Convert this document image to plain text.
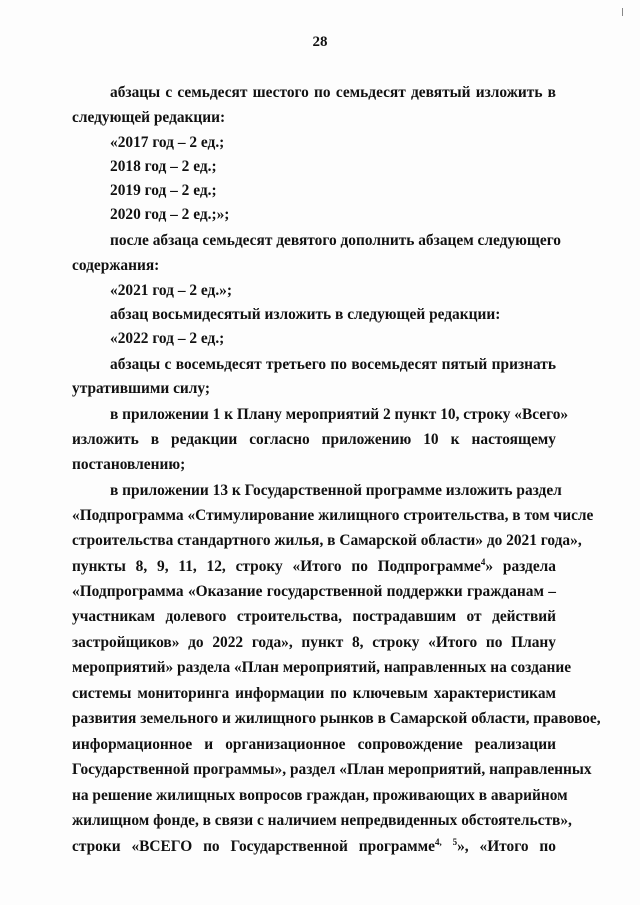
28
абзацы с семьдесят шестого по семьдесят девятый изложить в
следующей редакции:
«2017 год – 2 ед.;
2018 год – 2 ед.;
2019 год – 2 ед.;
2020 год – 2 ед.;»;
после абзаца семьдесят девятого дополнить абзацем следующего
содержания:
«2021 год – 2 ед.»;
абзац восьмидесятый изложить в следующей редакции:
«2022 год – 2 ед.;
абзацы с восемьдесят третьего по восемьдесят пятый признать
утратившими силу;
в приложении 1 к Плану мероприятий 2 пункт 10, строку «Всего»
изложить в редакции согласно приложению 10 к настоящему
постановлению;
в приложении 13 к Государственной программе изложить раздел
«Подпрограмма «Стимулирование жилищного строительства, в том числе
строительства стандартного жилья, в Самарской области» до 2021 года»,
пункты 8, 9, 11, 12, строку «Итого по Подпрограмме$^4$» раздела
«Подпрограмма «Оказание государственной поддержки гражданам –
участникам долевого строительства, пострадавшим от действий
застройщиков» до 2022 года», пункт 8, строку «Итого по Плану
мероприятий» раздела «План мероприятий, направленных на создание
системы мониторинга информации по ключевым характеристикам
развития земельного и жилищного рынков в Самарской области, правовое,
информационное и организационное сопровождение реализации
Государственной программы», раздел «План мероприятий, направленных
на решение жилищных вопросов граждан, проживающих в аварийном
жилищном фонде, в связи с наличием непредвиденных обстоятельств»,
строки «ВСЕГО по Государственной программе$^{4,}$ $^5$», «Итого по
